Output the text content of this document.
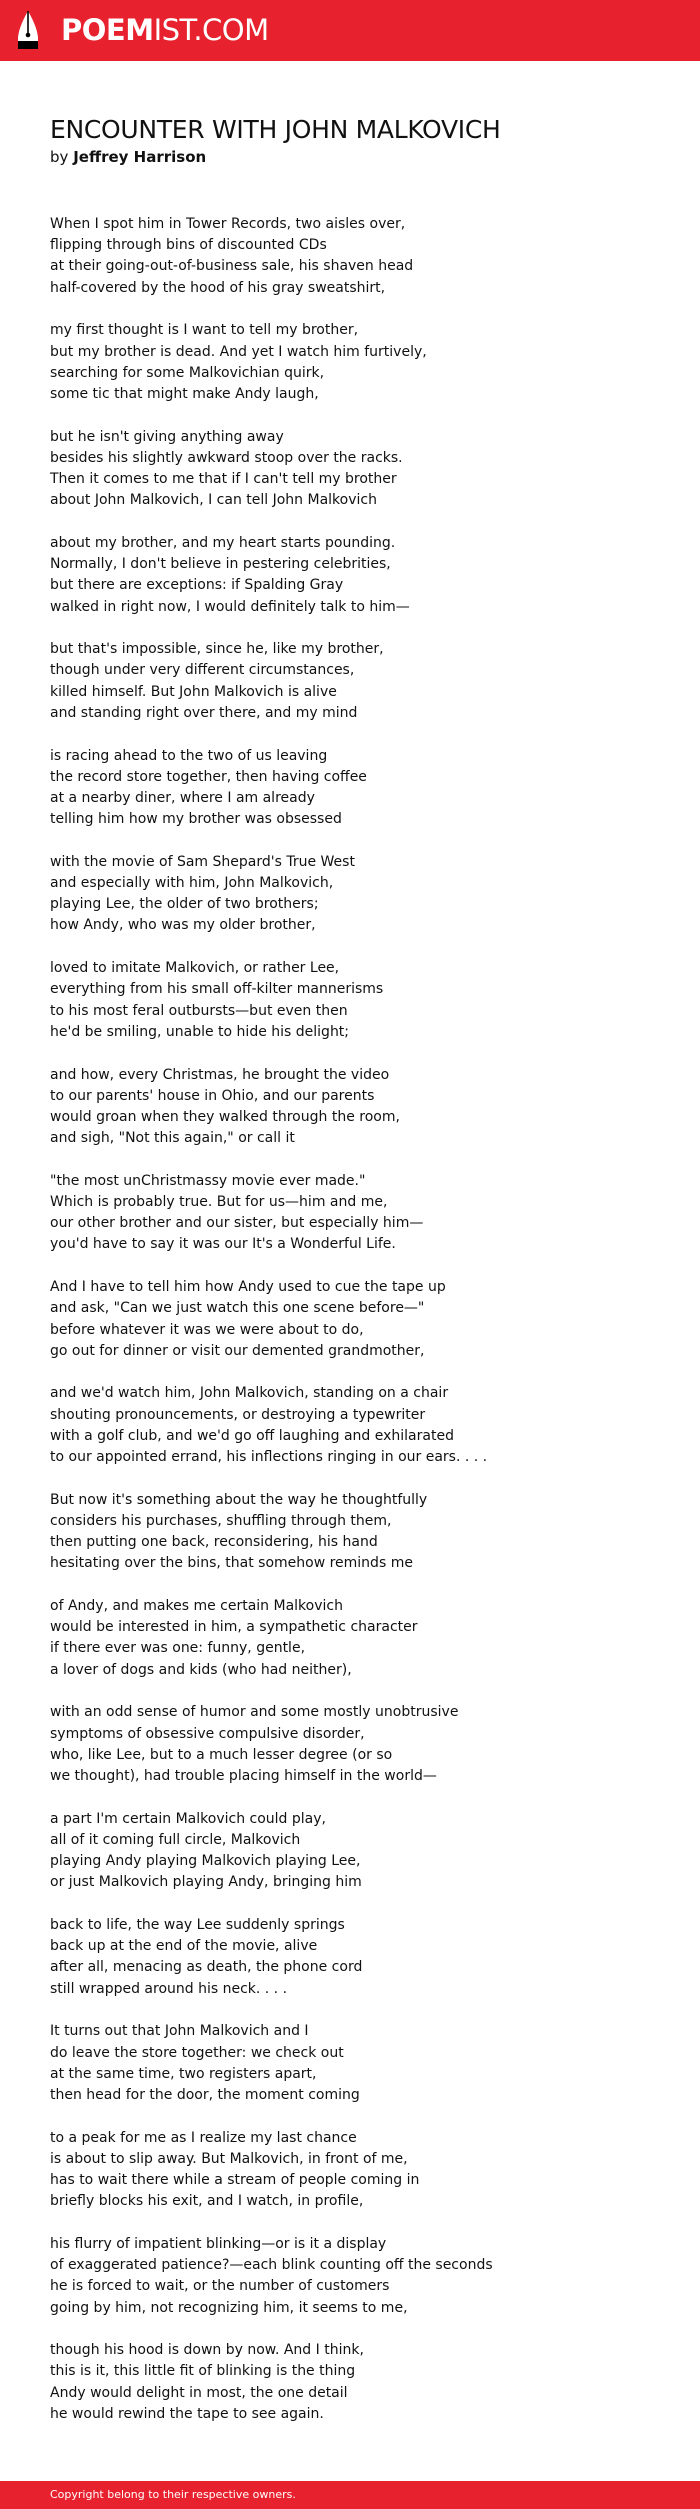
POEMIST.COM
ENCOUNTER WITH JOHN MALKOVICH
by Jeffrey Harrison
When I spot him in Tower Records, two aisles over,
flipping through bins of discounted CDs
at their going-out-of-business sale, his shaven head
half-covered by the hood of his gray sweatshirt,
my first thought is I want to tell my brother,
but my brother is dead. And yet I watch him furtively,
searching for some Malkovichian quirk,
some tic that might make Andy laugh,
but he isn't giving anything away
besides his slightly awkward stoop over the racks.
Then it comes to me that if I can't tell my brother
about John Malkovich, I can tell John Malkovich
about my brother, and my heart starts pounding.
Normally, I don't believe in pestering celebrities,
but there are exceptions: if Spalding Gray
walked in right now, I would definitely talk to him—
but that's impossible, since he, like my brother,
though under very different circumstances,
killed himself. But John Malkovich is alive
and standing right over there, and my mind
is racing ahead to the two of us leaving
the record store together, then having coffee
at a nearby diner, where I am already
telling him how my brother was obsessed
with the movie of Sam Shepard's True West
and especially with him, John Malkovich,
playing Lee, the older of two brothers;
how Andy, who was my older brother,
loved to imitate Malkovich, or rather Lee,
everything from his small off-kilter mannerisms
to his most feral outbursts—but even then
he'd be smiling, unable to hide his delight;
and how, every Christmas, he brought the video
to our parents' house in Ohio, and our parents
would groan when they walked through the room,
and sigh, "Not this again," or call it
"the most unChristmassy movie ever made."
Which is probably true. But for us—him and me,
our other brother and our sister, but especially him—
you'd have to say it was our It's a Wonderful Life.
And I have to tell him how Andy used to cue the tape up
and ask, "Can we just watch this one scene before—"
before whatever it was we were about to do,
go out for dinner or visit our demented grandmother,
and we'd watch him, John Malkovich, standing on a chair
shouting pronouncements, or destroying a typewriter
with a golf club, and we'd go off laughing and exhilarated
to our appointed errand, his inflections ringing in our ears. . . .
But now it's something about the way he thoughtfully
considers his purchases, shuffling through them,
then putting one back, reconsidering, his hand
hesitating over the bins, that somehow reminds me
of Andy, and makes me certain Malkovich
would be interested in him, a sympathetic character
if there ever was one: funny, gentle,
a lover of dogs and kids (who had neither),
with an odd sense of humor and some mostly unobtrusive
symptoms of obsessive compulsive disorder,
who, like Lee, but to a much lesser degree (or so
we thought), had trouble placing himself in the world—
a part I'm certain Malkovich could play,
all of it coming full circle, Malkovich
playing Andy playing Malkovich playing Lee,
or just Malkovich playing Andy, bringing him
back to life, the way Lee suddenly springs
back up at the end of the movie, alive
after all, menacing as death, the phone cord
still wrapped around his neck. . . .
It turns out that John Malkovich and I
do leave the store together: we check out
at the same time, two registers apart,
then head for the door, the moment coming
to a peak for me as I realize my last chance
is about to slip away. But Malkovich, in front of me,
has to wait there while a stream of people coming in
briefly blocks his exit, and I watch, in profile,
his flurry of impatient blinking—or is it a display
of exaggerated patience?—each blink counting off the seconds
he is forced to wait, or the number of customers
going by him, not recognizing him, it seems to me,
though his hood is down by now. And I think,
this is it, this little fit of blinking is the thing
Andy would delight in most, the one detail
he would rewind the tape to see again.
Copyright belong to their respective owners.
